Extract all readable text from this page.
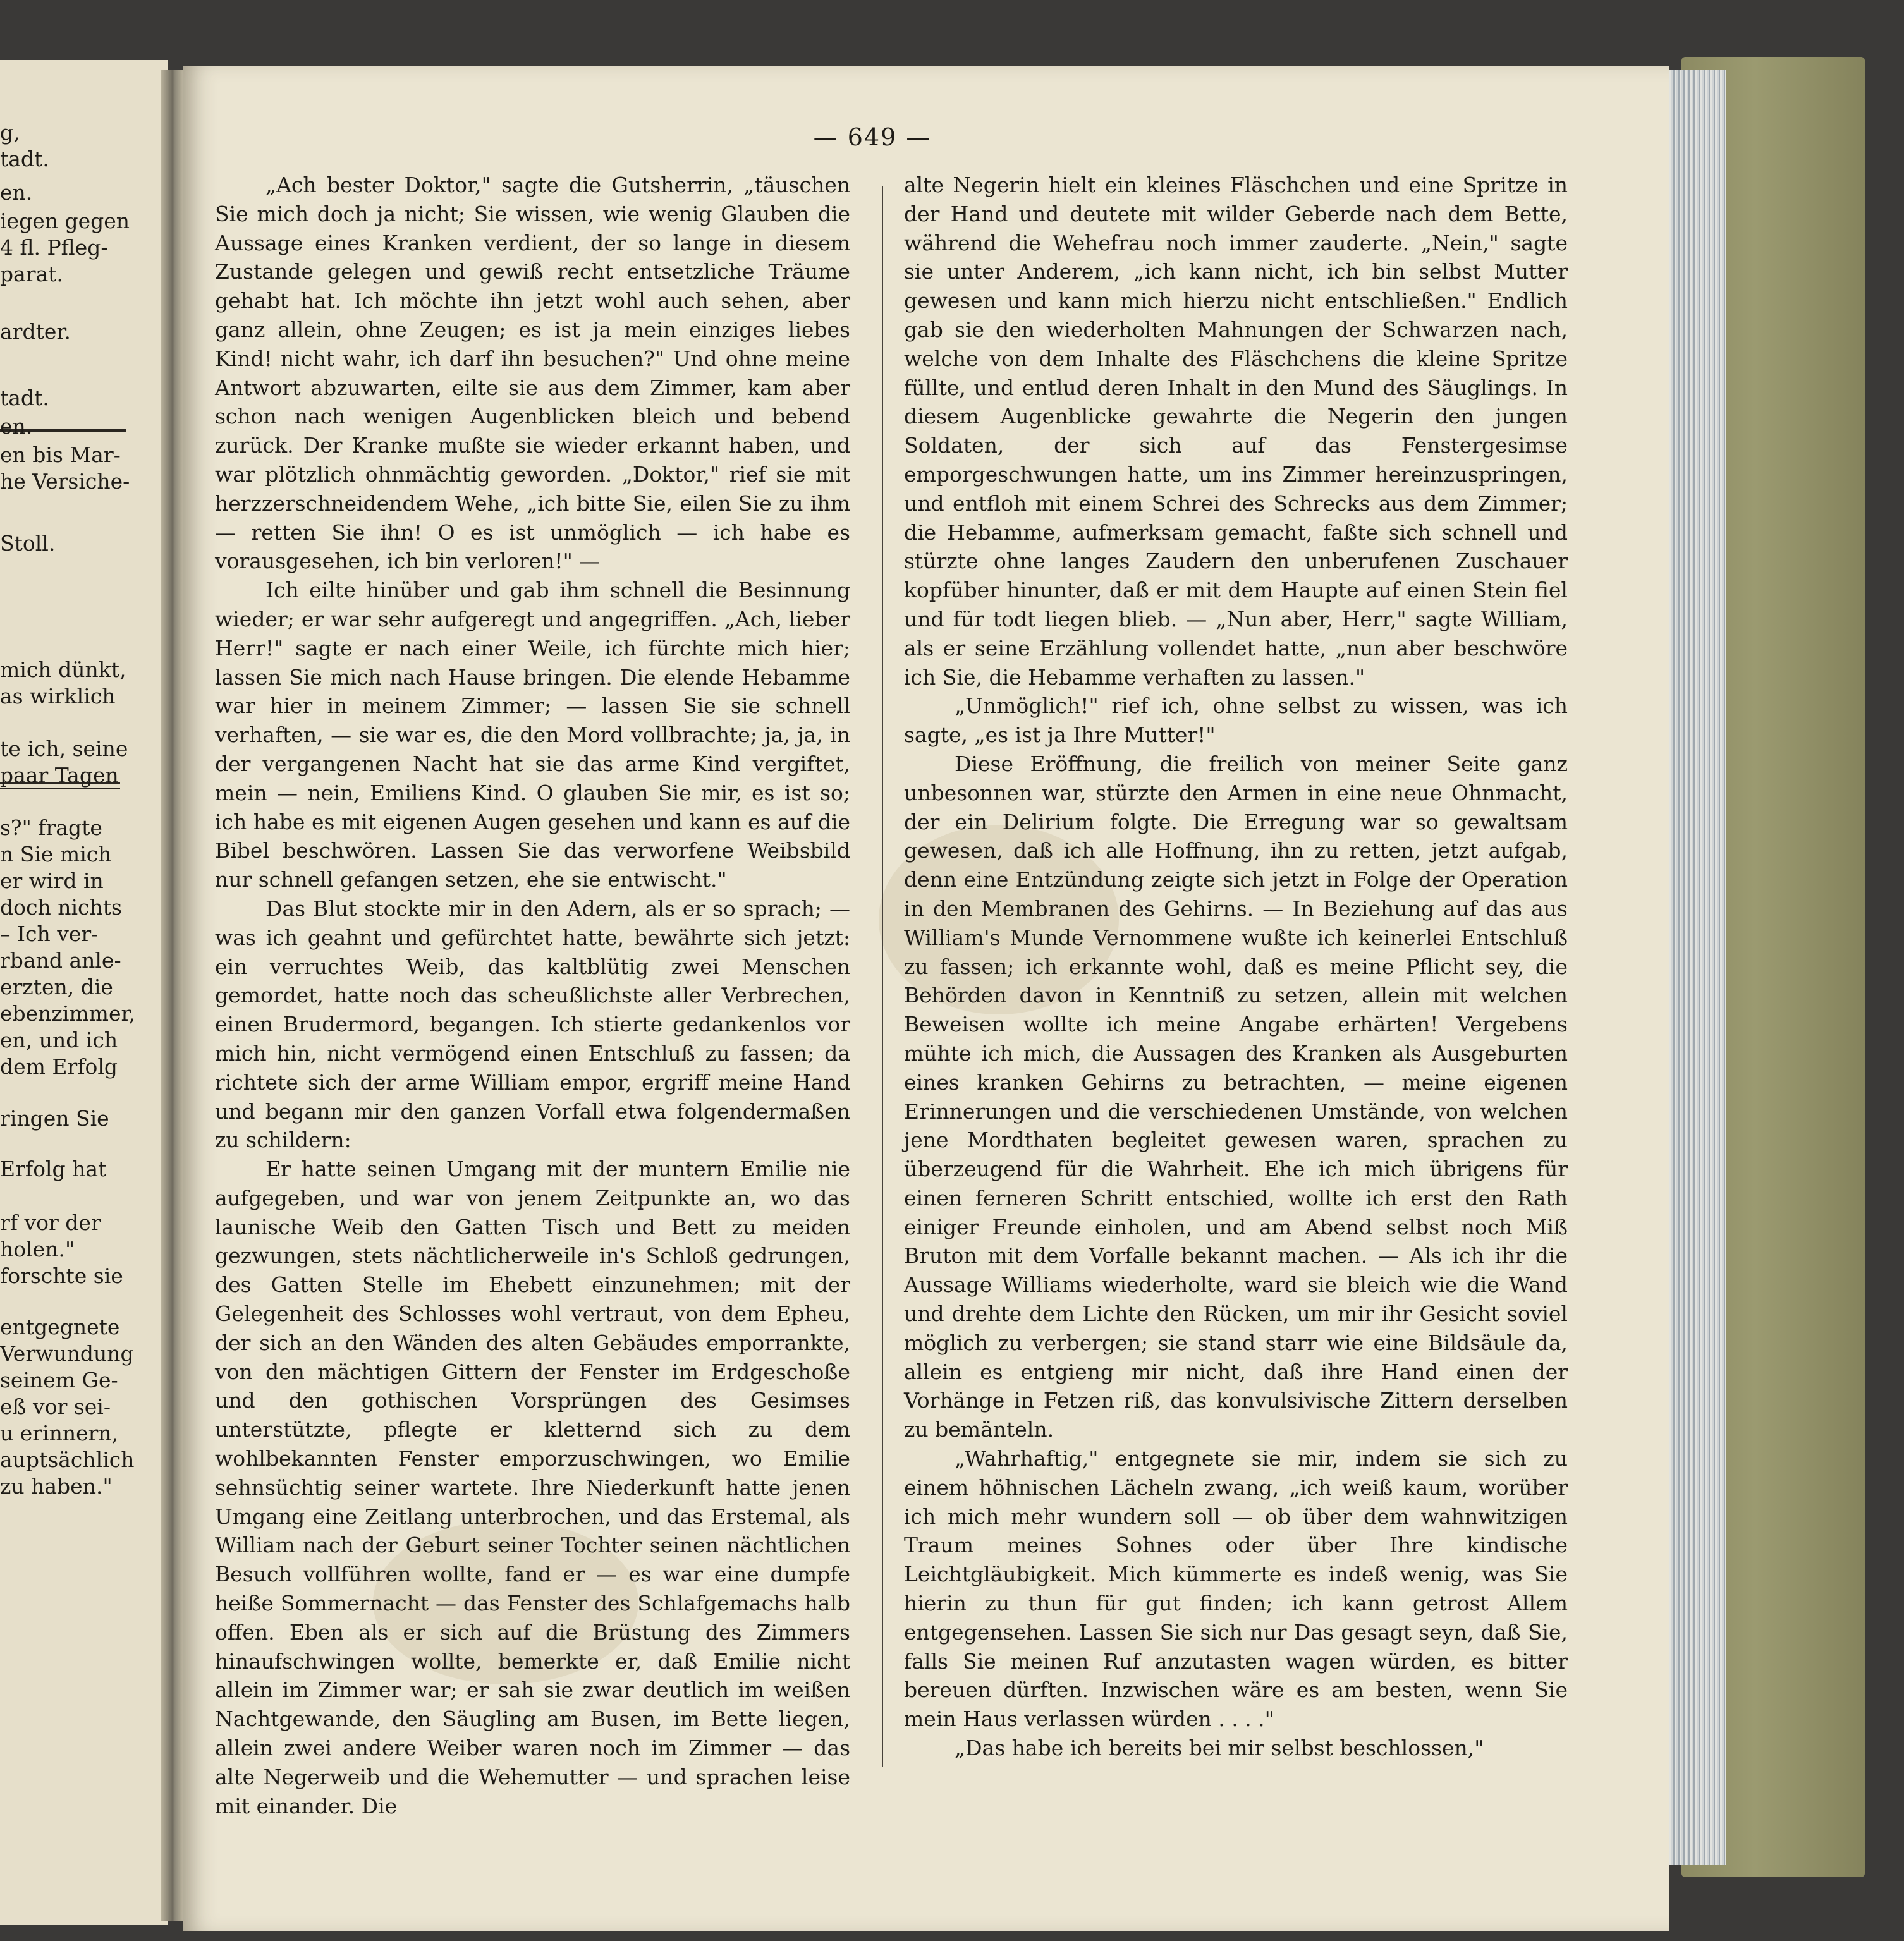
g,
tadt.
en.
iegen gegen
4 fl. Pfleg-
parat.
ardter.
tadt.
en.
en bis Mar-
he Versiche-
Stoll.
mich dünkt,
as wirklich
te ich, seine
paar Tagen
s?" fragte
n Sie mich
er wird in
doch nichts
– Ich ver-
rband anle-
erzten, die
ebenzimmer,
en, und ich
dem Erfolg
ringen Sie
Erfolg hat
rf vor der
holen."
forschte sie
entgegnete
Verwundung
seinem Ge-
eß vor sei-
u erinnern,
auptsächlich
zu haben."
— 649 —

„Ach bester Doktor," sagte die Gutsherrin, „täuschen Sie mich doch ja nicht; Sie wissen, wie wenig Glauben die Aussage eines Kranken verdient, der so lange in diesem Zustande gelegen und gewiß recht entsetzliche Träume gehabt hat. Ich möchte ihn jetzt wohl auch sehen, aber ganz allein, ohne Zeugen; es ist ja mein einziges liebes Kind! nicht wahr, ich darf ihn besuchen?" Und ohne meine Antwort abzuwarten, eilte sie aus dem Zimmer, kam aber schon nach wenigen Augenblicken bleich und bebend zurück. Der Kranke mußte sie wieder erkannt haben, und war plötzlich ohnmächtig geworden. „Doktor," rief sie mit herzzerschneidendem Wehe, „ich bitte Sie, eilen Sie zu ihm — retten Sie ihn! O es ist unmöglich — ich habe es vorausgesehen, ich bin verloren!" —

Ich eilte hinüber und gab ihm schnell die Besinnung wieder; er war sehr aufgeregt und angegriffen. „Ach, lieber Herr!" sagte er nach einer Weile, ich fürchte mich hier; lassen Sie mich nach Hause bringen. Die elende Hebamme war hier in meinem Zimmer; — lassen Sie sie schnell verhaften, — sie war es, die den Mord vollbrachte; ja, ja, in der vergangenen Nacht hat sie das arme Kind vergiftet, mein — nein, Emiliens Kind. O glauben Sie mir, es ist so; ich habe es mit eigenen Augen gesehen und kann es auf die Bibel beschwören. Lassen Sie das verworfene Weibsbild nur schnell gefangen setzen, ehe sie entwischt."

Das Blut stockte mir in den Adern, als er so sprach; — was ich geahnt und gefürchtet hatte, bewährte sich jetzt: ein verruchtes Weib, das kaltblütig zwei Menschen gemordet, hatte noch das scheußlichste aller Verbrechen, einen Brudermord, begangen. Ich stierte gedankenlos vor mich hin, nicht vermögend einen Entschluß zu fassen; da richtete sich der arme William empor, ergriff meine Hand und begann mir den ganzen Vorfall etwa folgendermaßen zu schildern:

Er hatte seinen Umgang mit der muntern Emilie nie aufgegeben, und war von jenem Zeitpunkte an, wo das launische Weib den Gatten Tisch und Bett zu meiden gezwungen, stets nächtlicherweile in's Schloß gedrungen, des Gatten Stelle im Ehebett einzunehmen; mit der Gelegenheit des Schlosses wohl vertraut, von dem Epheu, der sich an den Wänden des alten Gebäudes emporrankte, von den mächtigen Gittern der Fenster im Erdgeschoße und den gothischen Vorsprüngen des Gesimses unterstützte, pflegte er kletternd sich zu dem wohlbekannten Fenster emporzuschwingen, wo Emilie sehnsüchtig seiner wartete. Ihre Niederkunft hatte jenen Umgang eine Zeitlang unterbrochen, und das Erstemal, als William nach der Geburt seiner Tochter seinen nächtlichen Besuch vollführen wollte, fand er — es war eine dumpfe heiße Sommernacht — das Fenster des Schlafgemachs halb offen. Eben als er sich auf die Brüstung des Zimmers hinaufschwingen wollte, bemerkte er, daß Emilie nicht allein im Zimmer war; er sah sie zwar deutlich im weißen Nachtgewande, den Säugling am Busen, im Bette liegen, allein zwei andere Weiber waren noch im Zimmer — das alte Negerweib und die Wehemutter — und sprachen leise mit einander. Die

alte Negerin hielt ein kleines Fläschchen und eine Spritze in der Hand und deutete mit wilder Geberde nach dem Bette, während die Wehefrau noch immer zauderte. „Nein," sagte sie unter Anderem, „ich kann nicht, ich bin selbst Mutter gewesen und kann mich hierzu nicht entschließen." Endlich gab sie den wiederholten Mahnungen der Schwarzen nach, welche von dem Inhalte des Fläschchens die kleine Spritze füllte, und entlud deren Inhalt in den Mund des Säuglings. In diesem Augenblicke gewahrte die Negerin den jungen Soldaten, der sich auf das Fenstergesimse emporgeschwungen hatte, um ins Zimmer hereinzuspringen, und entfloh mit einem Schrei des Schrecks aus dem Zimmer; die Hebamme, aufmerksam gemacht, faßte sich schnell und stürzte ohne langes Zaudern den unberufenen Zuschauer kopfüber hinunter, daß er mit dem Haupte auf einen Stein fiel und für todt liegen blieb. — „Nun aber, Herr," sagte William, als er seine Erzählung vollendet hatte, „nun aber beschwöre ich Sie, die Hebamme verhaften zu lassen."

„Unmöglich!" rief ich, ohne selbst zu wissen, was ich sagte, „es ist ja Ihre Mutter!"

Diese Eröffnung, die freilich von meiner Seite ganz unbesonnen war, stürzte den Armen in eine neue Ohnmacht, der ein Delirium folgte. Die Erregung war so gewaltsam gewesen, daß ich alle Hoffnung, ihn zu retten, jetzt aufgab, denn eine Entzündung zeigte sich jetzt in Folge der Operation in den Membranen des Gehirns. — In Beziehung auf das aus William's Munde Vernommene wußte ich keinerlei Entschluß zu fassen; ich erkannte wohl, daß es meine Pflicht sey, die Behörden davon in Kenntniß zu setzen, allein mit welchen Beweisen wollte ich meine Angabe erhärten! Vergebens mühte ich mich, die Aussagen des Kranken als Ausgeburten eines kranken Gehirns zu betrachten, — meine eigenen Erinnerungen und die verschiedenen Umstände, von welchen jene Mordthaten begleitet gewesen waren, sprachen zu überzeugend für die Wahrheit. Ehe ich mich übrigens für einen ferneren Schritt entschied, wollte ich erst den Rath einiger Freunde einholen, und am Abend selbst noch Miß Bruton mit dem Vorfalle bekannt machen. — Als ich ihr die Aussage Williams wiederholte, ward sie bleich wie die Wand und drehte dem Lichte den Rücken, um mir ihr Gesicht soviel möglich zu verbergen; sie stand starr wie eine Bildsäule da, allein es entgieng mir nicht, daß ihre Hand einen der Vorhänge in Fetzen riß, das konvulsivische Zittern derselben zu bemänteln.

„Wahrhaftig," entgegnete sie mir, indem sie sich zu einem höhnischen Lächeln zwang, „ich weiß kaum, worüber ich mich mehr wundern soll — ob über dem wahnwitzigen Traum meines Sohnes oder über Ihre kindische Leichtgläubigkeit. Mich kümmerte es indeß wenig, was Sie hierin zu thun für gut finden; ich kann getrost Allem entgegensehen. Lassen Sie sich nur Das gesagt seyn, daß Sie, falls Sie meinen Ruf anzutasten wagen würden, es bitter bereuen dürften. Inzwischen wäre es am besten, wenn Sie mein Haus verlassen würden . . . ."

„Das habe ich bereits bei mir selbst beschlossen,"
